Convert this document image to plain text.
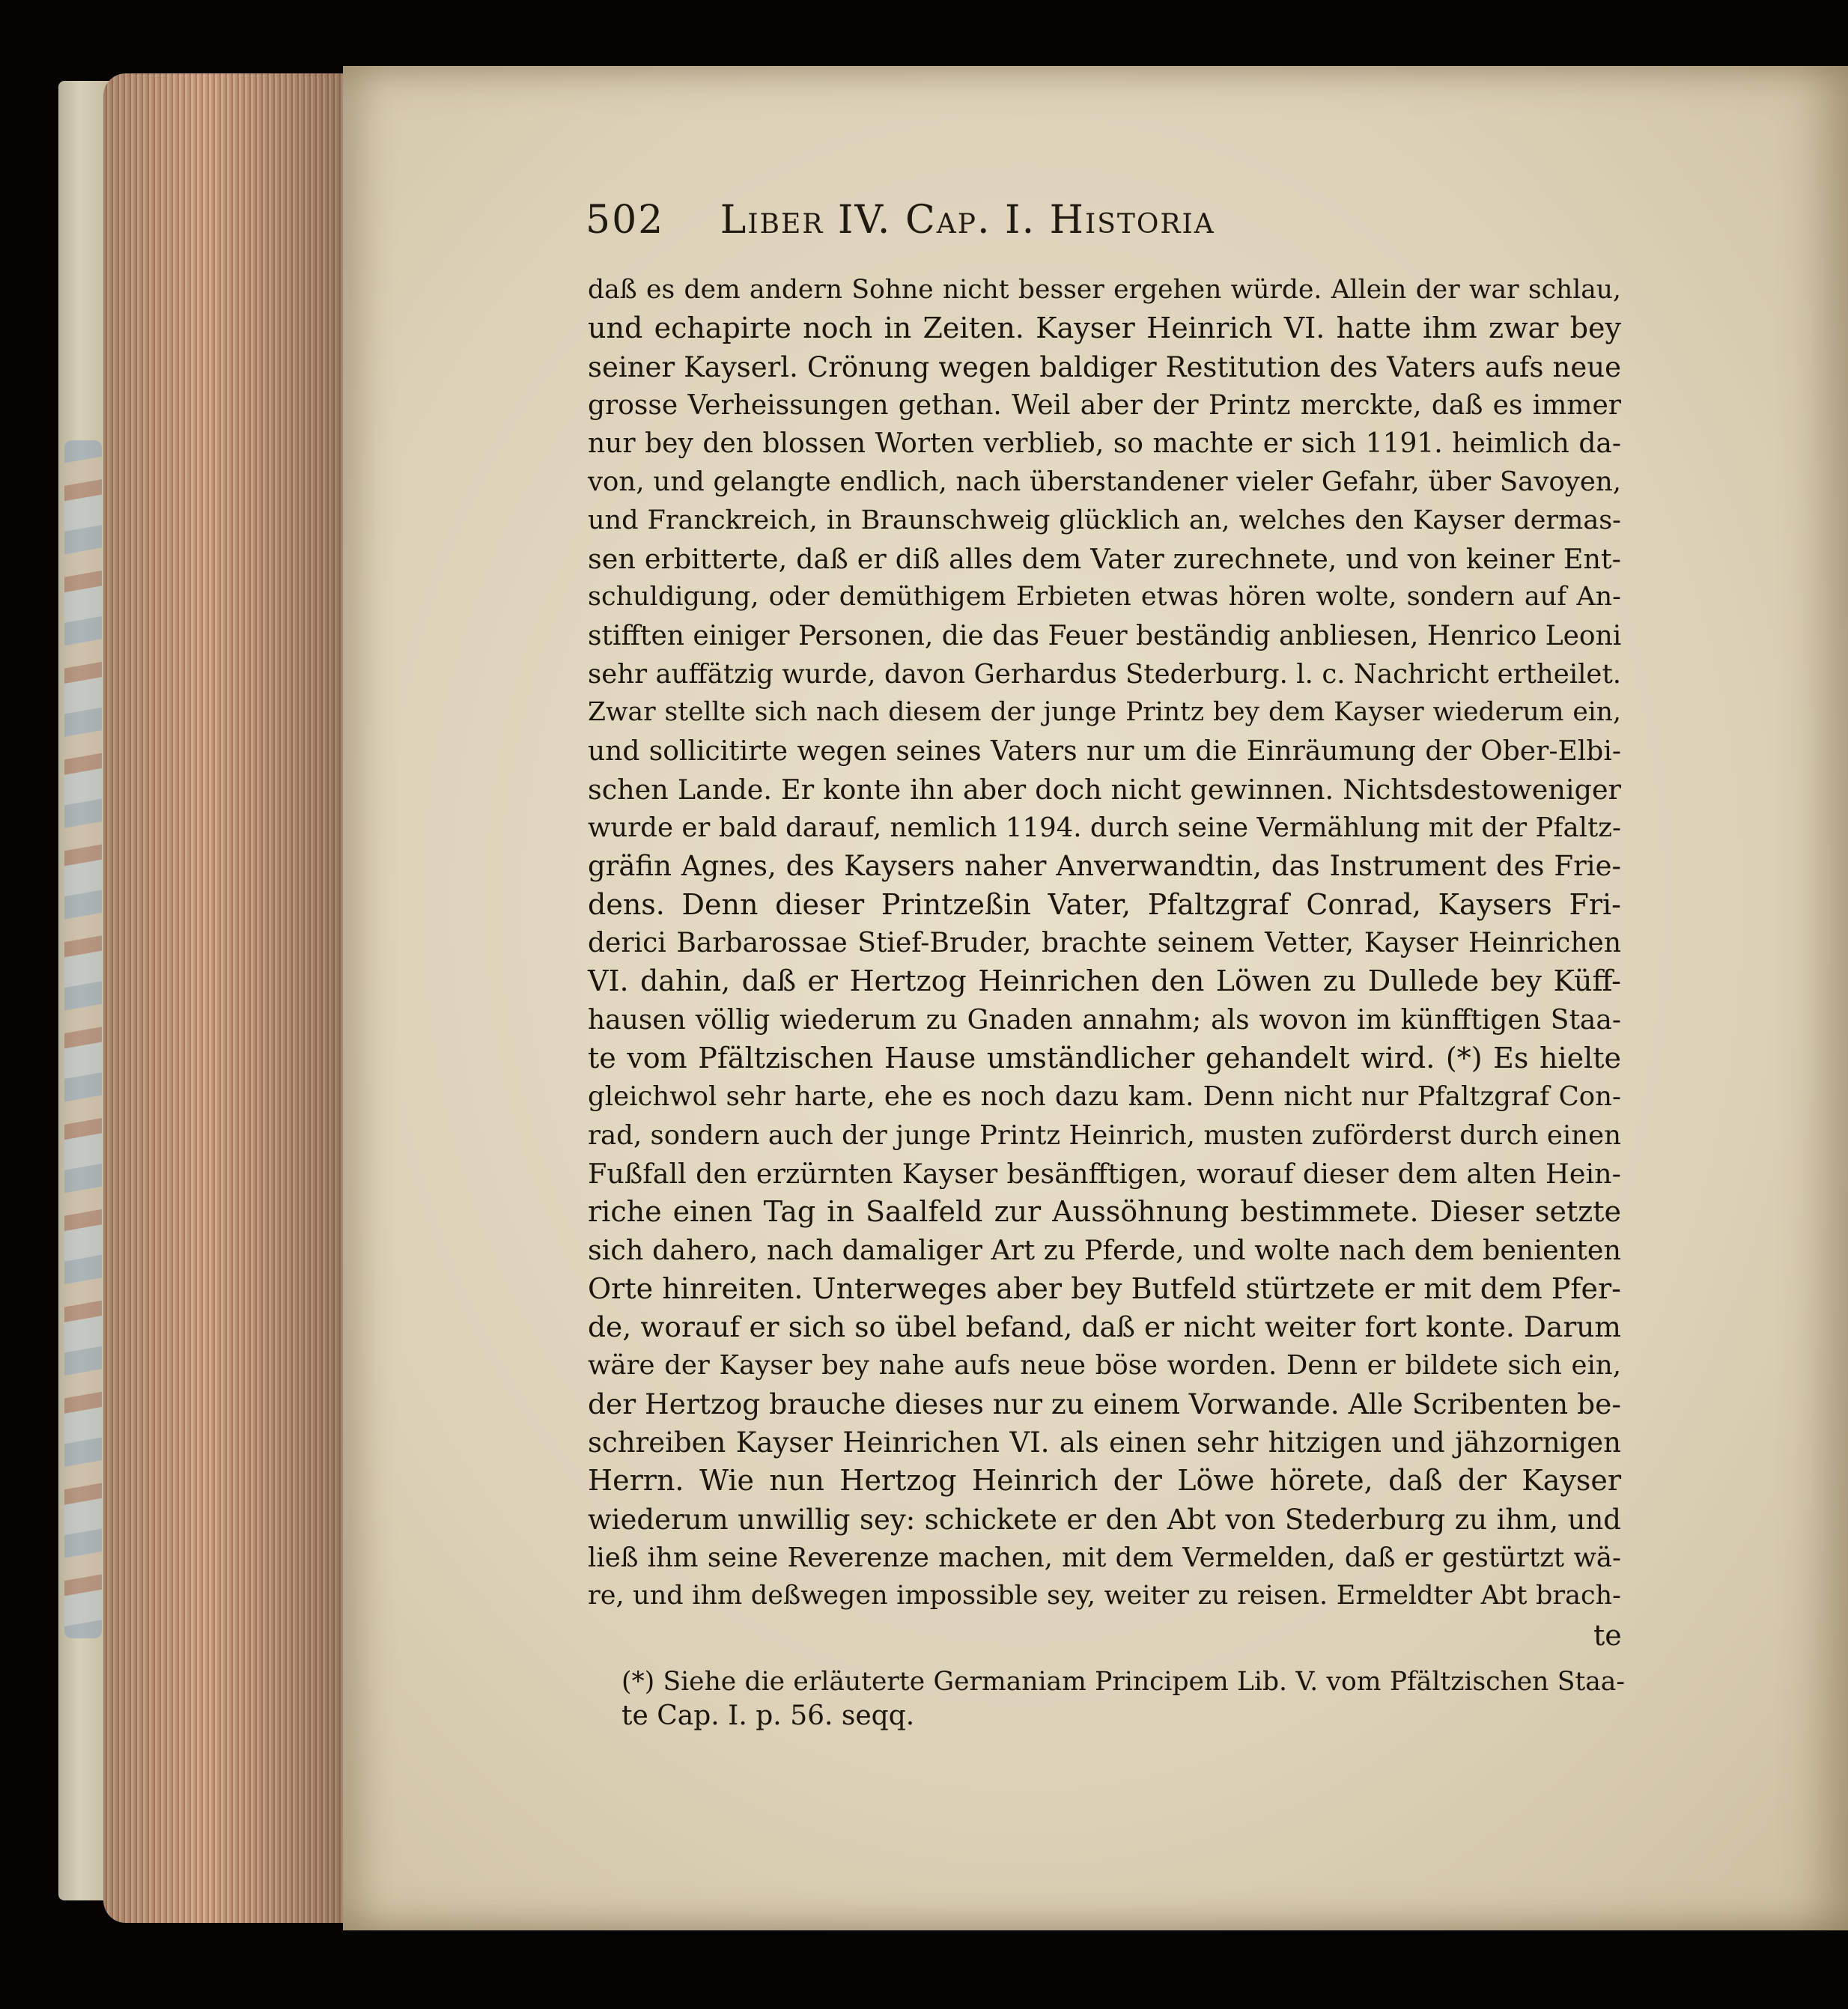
502 Liber IV. Cap. I. Historia
daß es dem andern Sohne nicht besser ergehen würde. Allein der war schlau,
und echapirte noch in Zeiten. Kayser Heinrich VI. hatte ihm zwar bey
seiner Kayserl. Crönung wegen baldiger Restitution des Vaters aufs neue
grosse Verheissungen gethan. Weil aber der Printz merckte, daß es immer
nur bey den blossen Worten verblieb, so machte er sich 1191. heimlich da-
von, und gelangte endlich, nach überstandener vieler Gefahr, über Savoyen,
und Franckreich, in Braunschweig glücklich an, welches den Kayser dermas-
sen erbitterte, daß er diß alles dem Vater zurechnete, und von keiner Ent-
schuldigung, oder demüthigem Erbieten etwas hören wolte, sondern auf An-
stifften einiger Personen, die das Feuer beständig anbliesen, Henrico Leoni
sehr auffätzig wurde, davon Gerhardus Stederburg. l. c. Nachricht ertheilet.
Zwar stellte sich nach diesem der junge Printz bey dem Kayser wiederum ein,
und sollicitirte wegen seines Vaters nur um die Einräumung der Ober-Elbi-
schen Lande. Er konte ihn aber doch nicht gewinnen. Nichtsdestoweniger
wurde er bald darauf, nemlich 1194. durch seine Vermählung mit der Pfaltz-
gräfin Agnes, des Kaysers naher Anverwandtin, das Instrument des Frie-
dens. Denn dieser Printzeßin Vater, Pfaltzgraf Conrad, Kaysers Fri-
derici Barbarossae Stief-Bruder, brachte seinem Vetter, Kayser Heinrichen
VI. dahin, daß er Hertzog Heinrichen den Löwen zu Dullede bey Küff-
hausen völlig wiederum zu Gnaden annahm; als wovon im künfftigen Staa-
te vom Pfältzischen Hause umständlicher gehandelt wird. (*) Es hielte
gleichwol sehr harte, ehe es noch dazu kam. Denn nicht nur Pfaltzgraf Con-
rad, sondern auch der junge Printz Heinrich, musten zuförderst durch einen
Fußfall den erzürnten Kayser besänfftigen, worauf dieser dem alten Hein-
riche einen Tag in Saalfeld zur Aussöhnung bestimmete. Dieser setzte
sich dahero, nach damaliger Art zu Pferde, und wolte nach dem benienten
Orte hinreiten. Unterweges aber bey Butfeld stürtzete er mit dem Pfer-
de, worauf er sich so übel befand, daß er nicht weiter fort konte. Darum
wäre der Kayser bey nahe aufs neue böse worden. Denn er bildete sich ein,
der Hertzog brauche dieses nur zu einem Vorwande. Alle Scribenten be-
schreiben Kayser Heinrichen VI. als einen sehr hitzigen und jähzornigen
Herrn. Wie nun Hertzog Heinrich der Löwe hörete, daß der Kayser
wiederum unwillig sey: schickete er den Abt von Stederburg zu ihm, und
ließ ihm seine Reverenze machen, mit dem Vermelden, daß er gestürtzt wä-
re, und ihm deßwegen impossible sey, weiter zu reisen. Ermeldter Abt brach-
te
(*) Siehe die erläuterte Germaniam Principem Lib. V. vom Pfältzischen Staa-
te Cap. I. p. 56. seqq.
